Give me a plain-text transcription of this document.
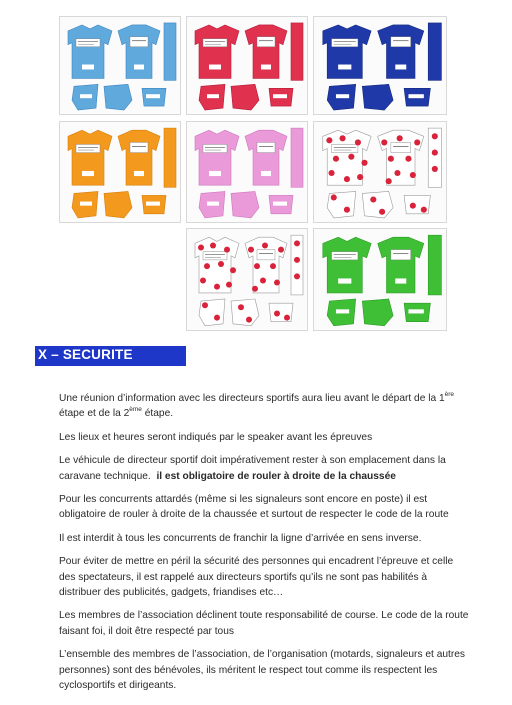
X – SECURITE

Une réunion d’information avec les directeurs sportifs aura lieu avant le départ de la 1ère étape et de la 2ème étape.

Les lieux et heures seront indiqués par le speaker avant les épreuves

Le véhicule de directeur sportif doit impérativement rester à son emplacement dans la caravane technique. il est obligatoire de rouler à droite de la chaussée

Pour les concurrents attardés (même si les signaleurs sont encore en poste) il est obligatoire de rouler à droite de la chaussée et surtout de respecter le code de la route

Il est interdit à tous les concurrents de franchir la ligne d’arrivée en sens inverse.

Pour éviter de mettre en péril la sécurité des personnes qui encadrent l’épreuve et celle des spectateurs, il est rappelé aux directeurs sportifs qu’ils ne sont pas habilités à distribuer des publicités, gadgets, friandises etc…

Les membres de l’association déclinent toute responsabilité de course. Le code de la route faisant foi, il doit être respecté par tous

L’ensemble des membres de l’association, de l’organisation (motards, signaleurs et autres personnes) sont des bénévoles, ils méritent le respect tout comme ils respectent les cyclosportifs et dirigeants.
